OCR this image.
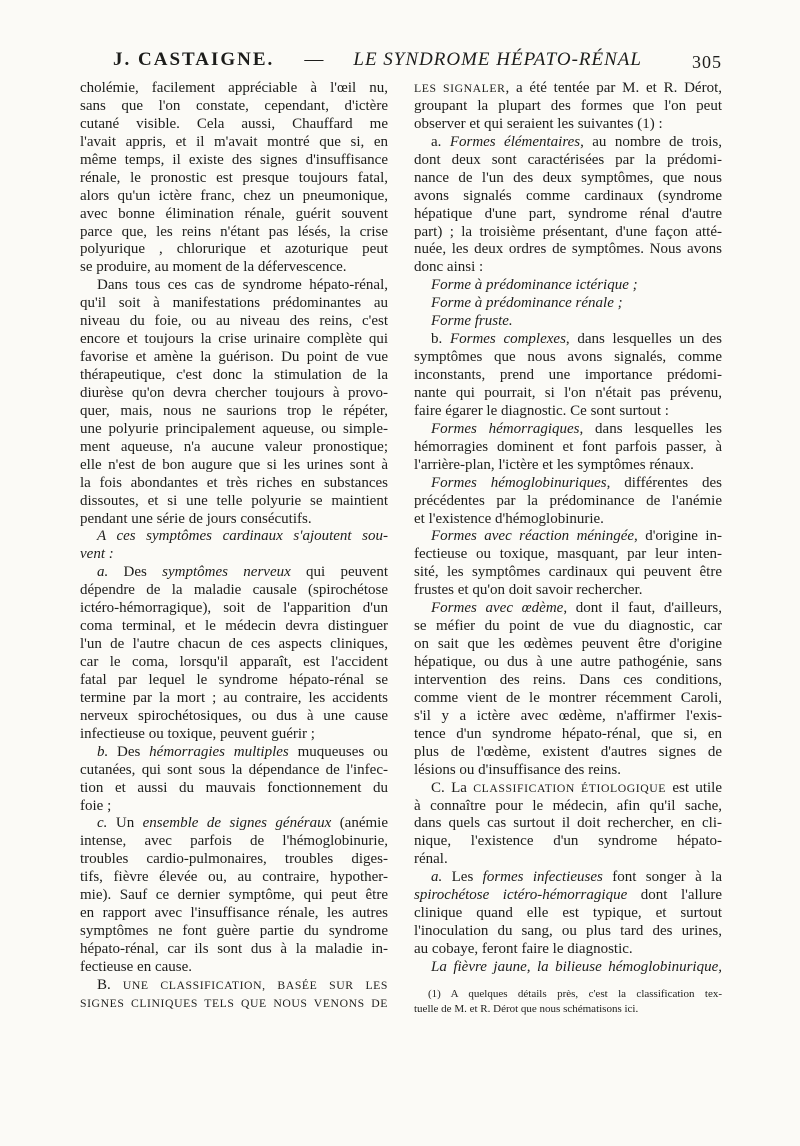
J. CASTAIGNE.	—	LE SYNDROME HÉPATO-RÉNAL	305
cholémie, facilement appréciable à l'œil nu,
sans que l'on constate, cependant, d'ictère
cutané visible. Cela aussi, Chauffard me
l'avait appris, et il m'avait montré que si, en
même temps, il existe des signes d'insuffisance
rénale, le pronostic est presque toujours fatal,
alors qu'un ictère franc, chez un pneumonique,
avec bonne élimination rénale, guérit souvent
parce que, les reins n'étant pas lésés, la crise
polyurique , chlorurique et azoturique peut
se produire, au moment de la défervescence.
Dans tous ces cas de syndrome hépato-rénal,
qu'il soit à manifestations prédominantes au
niveau du foie, ou au niveau des reins, c'est
encore et toujours la crise urinaire complète qui
favorise et amène la guérison. Du point de vue
thérapeutique, c'est donc la stimulation de la
diurèse qu'on devra chercher toujours à provo-
quer, mais, nous ne saurions trop le répéter,
une polyurie principalement aqueuse, ou simple-
ment aqueuse, n'a aucune valeur pronostique;
elle n'est de bon augure que si les urines sont à
la fois abondantes et très riches en substances
dissoutes, et si une telle polyurie se maintient
pendant une série de jours consécutifs.
A ces symptômes cardinaux s'ajoutent sou-
vent :
a. Des symptômes nerveux qui peuvent
dépendre de la maladie causale (spirochétose
ictéro-hémorragique), soit de l'apparition d'un
coma terminal, et le médecin devra distinguer
l'un de l'autre chacun de ces aspects cliniques,
car le coma, lorsqu'il apparaît, est l'accident
fatal par lequel le syndrome hépato-rénal se
termine par la mort ; au contraire, les accidents
nerveux spirochétosiques, ou dus à une cause
infectieuse ou toxique, peuvent guérir ;
b. Des hémorragies multiples muqueuses ou
cutanées, qui sont sous la dépendance de l'infec-
tion et aussi du mauvais fonctionnement du
foie ;
c. Un ensemble de signes généraux (anémie
intense, avec parfois de l'hémoglobinurie,
troubles cardio-pulmonaires, troubles diges-
tifs, fièvre élevée ou, au contraire, hypother-
mie). Sauf ce dernier symptôme, qui peut être
en rapport avec l'insuffisance rénale, les autres
symptômes ne font guère partie du syndrome
hépato-rénal, car ils sont dus à la maladie in-
fectieuse en cause.
B. UNE CLASSIFICATION, BASÉE SUR LES
SIGNES CLINIQUES TELS QUE NOUS VENONS DE
LES SIGNALER, a été tentée par M. et R. Dérot,
groupant la plupart des formes que l'on peut
observer et qui seraient les suivantes (1) :
a. Formes élémentaires, au nombre de trois,
dont deux sont caractérisées par la prédomi-
nance de l'un des deux symptômes, que nous
avons signalés comme cardinaux (syndrome
hépatique d'une part, syndrome rénal d'autre
part) ; la troisième présentant, d'une façon atté-
nuée, les deux ordres de symptômes. Nous avons
donc ainsi :
Forme à prédominance ictérique ;
Forme à prédominance rénale ;
Forme fruste.
b. Formes complexes, dans lesquelles un des
symptômes que nous avons signalés, comme
inconstants, prend une importance prédomi-
nante qui pourrait, si l'on n'était pas prévenu,
faire égarer le diagnostic. Ce sont surtout :
Formes hémorragiques, dans lesquelles les
hémorragies dominent et font parfois passer, à
l'arrière-plan, l'ictère et les symptômes rénaux.
Formes hémoglobinuriques, différentes des
précédentes par la prédominance de l'anémie
et l'existence d'hémoglobinurie.
Formes avec réaction méningée, d'origine in-
fectieuse ou toxique, masquant, par leur inten-
sité, les symptômes cardinaux qui peuvent être
frustes et qu'on doit savoir rechercher.
Formes avec œdème, dont il faut, d'ailleurs,
se méfier du point de vue du diagnostic, car
on sait que les œdèmes peuvent être d'origine
hépatique, ou dus à une autre pathogénie, sans
intervention des reins. Dans ces conditions,
comme vient de le montrer récemment Caroli,
s'il y a ictère avec œdème, n'affirmer l'exis-
tence d'un syndrome hépato-rénal, que si, en
plus de l'œdème, existent d'autres signes de
lésions ou d'insuffisance des reins.
C. La CLASSIFICATION ÉTIOLOGIQUE est utile
à connaître pour le médecin, afin qu'il sache,
dans quels cas surtout il doit rechercher, en cli-
nique, l'existence d'un syndrome hépato-
rénal.
a. Les formes infectieuses font songer à la
spirochétose ictéro-hémorragique dont l'allure
clinique quand elle est typique, et surtout
l'inoculation du sang, ou plus tard des urines,
au cobaye, feront faire le diagnostic.
La fièvre jaune, la bilieuse hémoglobinurique,
(1) A quelques détails près, c'est la classification tex-
tuelle de M. et R. Dérot que nous schématisons ici.
